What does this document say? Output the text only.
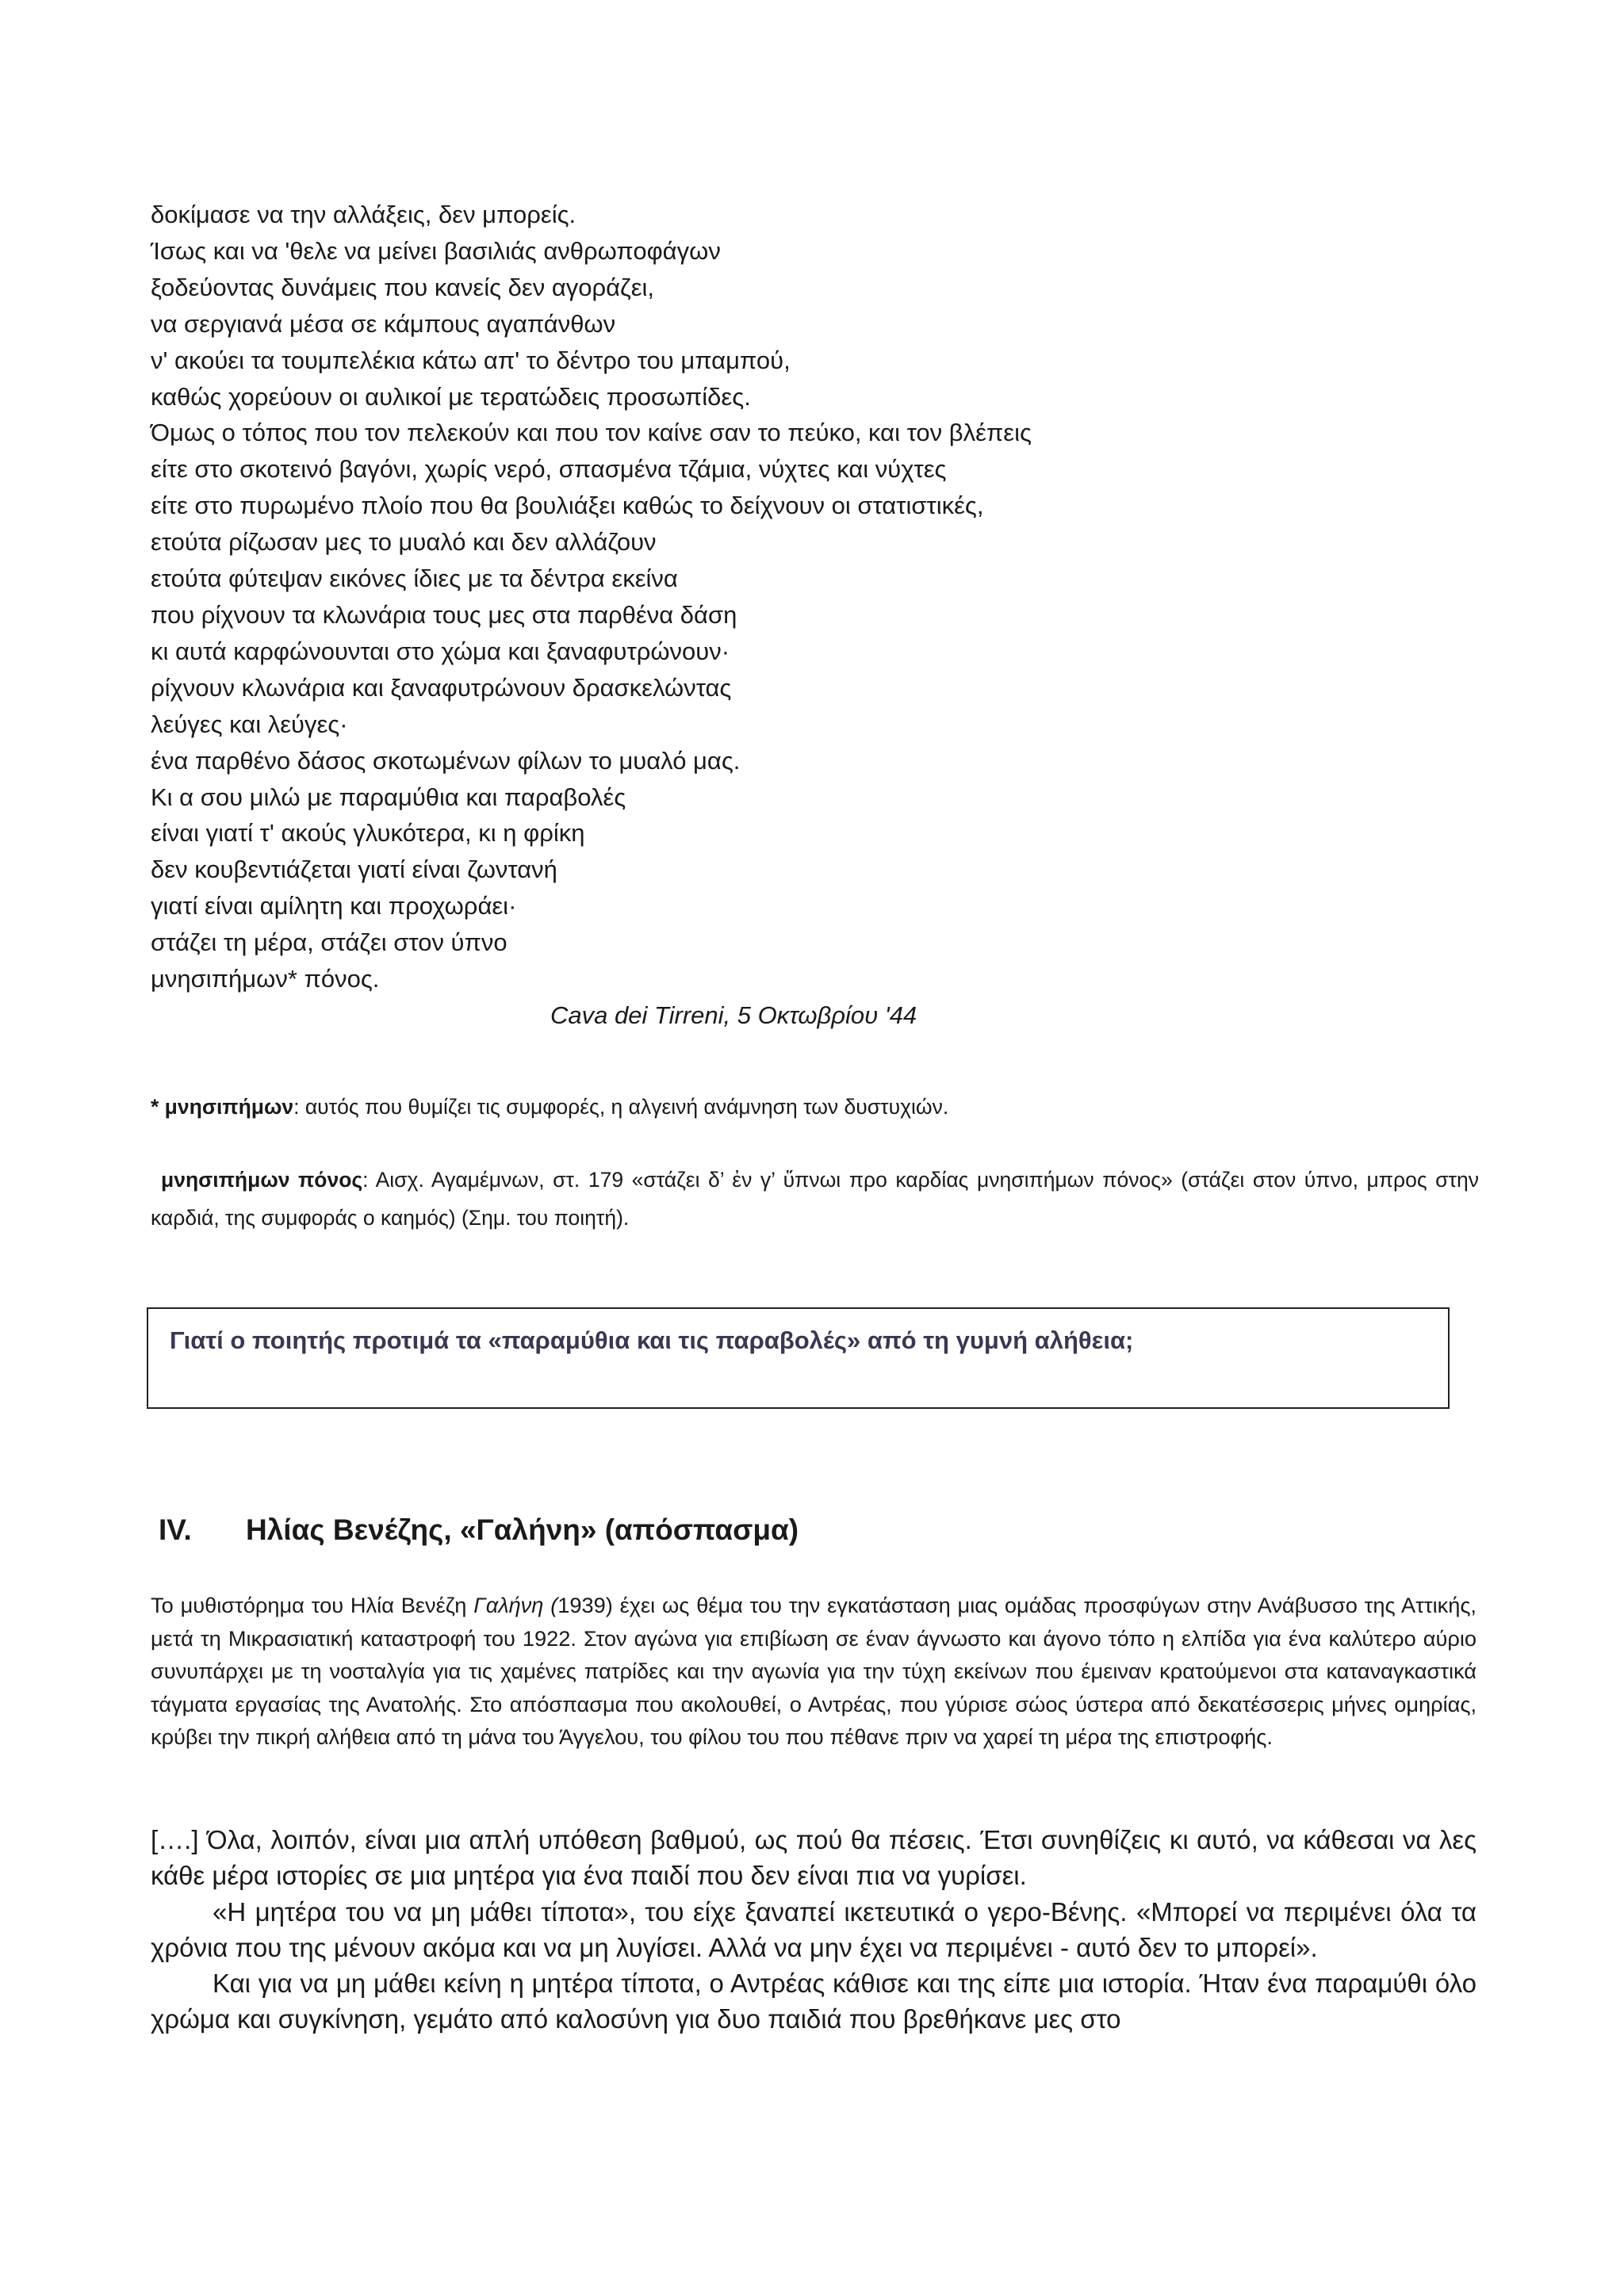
δοκίμασε να την αλλάξεις, δεν μπορείς.
Ίσως και να 'θελε να μείνει βασιλιάς ανθρωποφάγων
ξοδεύοντας δυνάμεις που κανείς δεν αγοράζει,
να σεργιανά μέσα σε κάμπους αγαπάνθων
ν' ακούει τα τουμπελέκια κάτω απ' το δέντρο του μπαμπού,
καθώς χορεύουν οι αυλικοί με τερατώδεις προσωπίδες.
Όμως ο τόπος που τον πελεκούν και που τον καίνε σαν το πεύκο, και τον βλέπεις
είτε στο σκοτεινό βαγόνι, χωρίς νερό, σπασμένα τζάμια, νύχτες και νύχτες
είτε στο πυρωμένο πλοίο που θα βουλιάξει καθώς το δείχνουν οι στατιστικές,
ετούτα ρίζωσαν μες το μυαλό και δεν αλλάζουν
ετούτα φύτεψαν εικόνες ίδιες με τα δέντρα εκείνα
που ρίχνουν τα κλωνάρια τους μες στα παρθένα δάση
κι αυτά καρφώνουνται στο χώμα και ξαναφυτρώνουν·
ρίχνουν κλωνάρια και ξαναφυτρώνουν δρασκελώντας
λεύγες και λεύγες·
ένα παρθένο δάσος σκοτωμένων φίλων το μυαλό μας.
Κι α σου μιλώ με παραμύθια και παραβολές
είναι γιατί τ' ακούς γλυκότερα, κι η φρίκη
δεν κουβεντιάζεται γιατί είναι ζωντανή
γιατί είναι αμίλητη και προχωράει·
στάζει τη μέρα, στάζει στον ύπνο
μνησιπήμων* πόνος.
Cava dei Tirreni, 5 Οκτωβρίου '44
* μνησιπήμων: αυτός που θυμίζει τις συμφορές, η αλγεινή ανάμνηση των δυστυχιών.
μνησιπήμων πόνος: Αισχ. Αγαμέμνων, στ. 179 «στάζει δ’ ἐν γ’ ὕπνωι προ καρδίας μνησιπήμων πόνος» (στάζει στον ύπνο, μπρος στην καρδιά, της συμφοράς ο καημός) (Σημ. του ποιητή).
Γιατί ο ποιητής προτιμά τα «παραμύθια και τις παραβολές» από τη γυμνή αλήθεια;
IV. Ηλίας Βενέζης, «Γαλήνη» (απόσπασμα)
Το μυθιστόρημα του Ηλία Βενέζη Γαλήνη (1939) έχει ως θέμα του την εγκατάσταση μιας ομάδας προσφύγων στην Ανάβυσσο της Αττικής, μετά τη Μικρασιατική καταστροφή του 1922. Στον αγώνα για επιβίωση σε έναν άγνωστο και άγονο τόπο η ελπίδα για ένα καλύτερο αύριο συνυπάρχει με τη νοσταλγία για τις χαμένες πατρίδες και την αγωνία για την τύχη εκείνων που έμειναν κρατούμενοι στα καταναγκαστικά τάγματα εργασίας της Ανατολής. Στο απόσπασμα που ακολουθεί, ο Αντρέας, που γύρισε σώος ύστερα από δεκατέσσερις μήνες ομηρίας, κρύβει την πικρή αλήθεια από τη μάνα του Άγγελου, του φίλου του που πέθανε πριν να χαρεί τη μέρα της επιστροφής.

[….] Όλα, λοιπόν, είναι μια απλή υπόθεση βαθμού, ως πού θα πέσεις. Έτσι συνηθίζεις κι αυτό, να κάθεσαι να λες κάθε μέρα ιστορίες σε μια μητέρα για ένα παιδί που δεν είναι πια να γυρίσει.

«Η μητέρα του να μη μάθει τίποτα», του είχε ξαναπεί ικετευτικά ο γερο-Βένης. «Μπορεί να περιμένει όλα τα χρόνια που της μένουν ακόμα και να μη λυγίσει. Αλλά να μην έχει να περιμένει - αυτό δεν το μπορεί».

Και για να μη μάθει κείνη η μητέρα τίποτα, ο Αντρέας κάθισε και της είπε μια ιστορία. Ήταν ένα παραμύθι όλο χρώμα και συγκίνηση, γεμάτο από καλοσύνη για δυο παιδιά που βρεθήκανε μες στο
